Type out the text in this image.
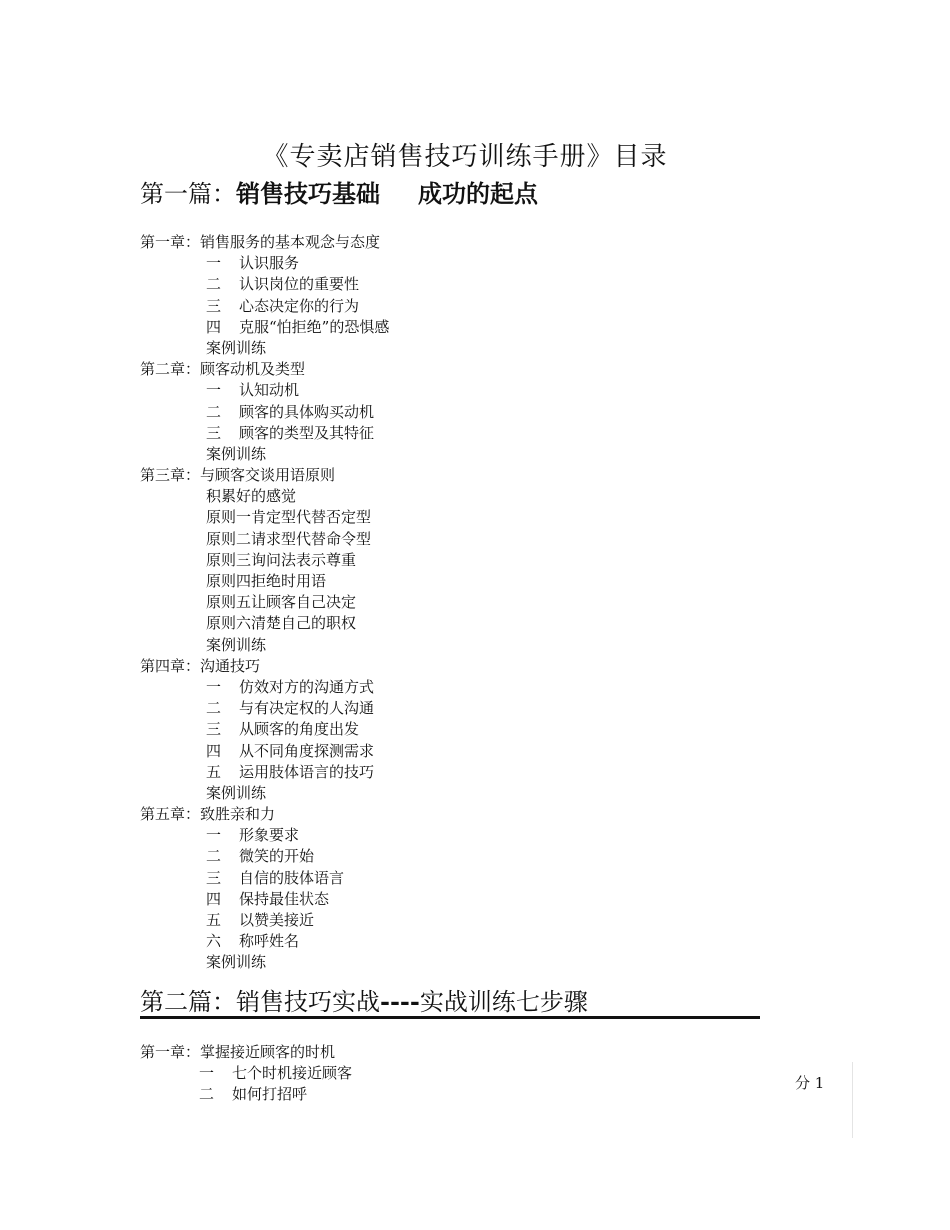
《专卖店销售技巧训练手册》目录
第一篇：销售技巧基础 成功的起点
第一章：销售服务的基本观念与态度
一 认识服务
二 认识岗位的重要性
三 心态决定你的行为
四 克服“怕拒绝”的恐惧感
案例训练
第二章：顾客动机及类型
一 认知动机
二 顾客的具体购买动机
三 顾客的类型及其特征
案例训练
第三章：与顾客交谈用语原则
积累好的感觉
原则一肯定型代替否定型
原则二请求型代替命令型
原则三询问法表示尊重
原则四拒绝时用语
原则五让顾客自己决定
原则六清楚自己的职权
案例训练
第四章：沟通技巧
一 仿效对方的沟通方式
二 与有决定权的人沟通
三 从顾客的角度出发
四 从不同角度探测需求
五 运用肢体语言的技巧
案例训练
第五章：致胜亲和力
一 形象要求
二 微笑的开始
三 自信的肢体语言
四 保持最佳状态
五 以赞美接近
六 称呼姓名
案例训练
第二篇：销售技巧实战----实战训练七步骤
第一章：掌握接近顾客的时机
一 七个时机接近顾客
二 如何打招呼
分 1
